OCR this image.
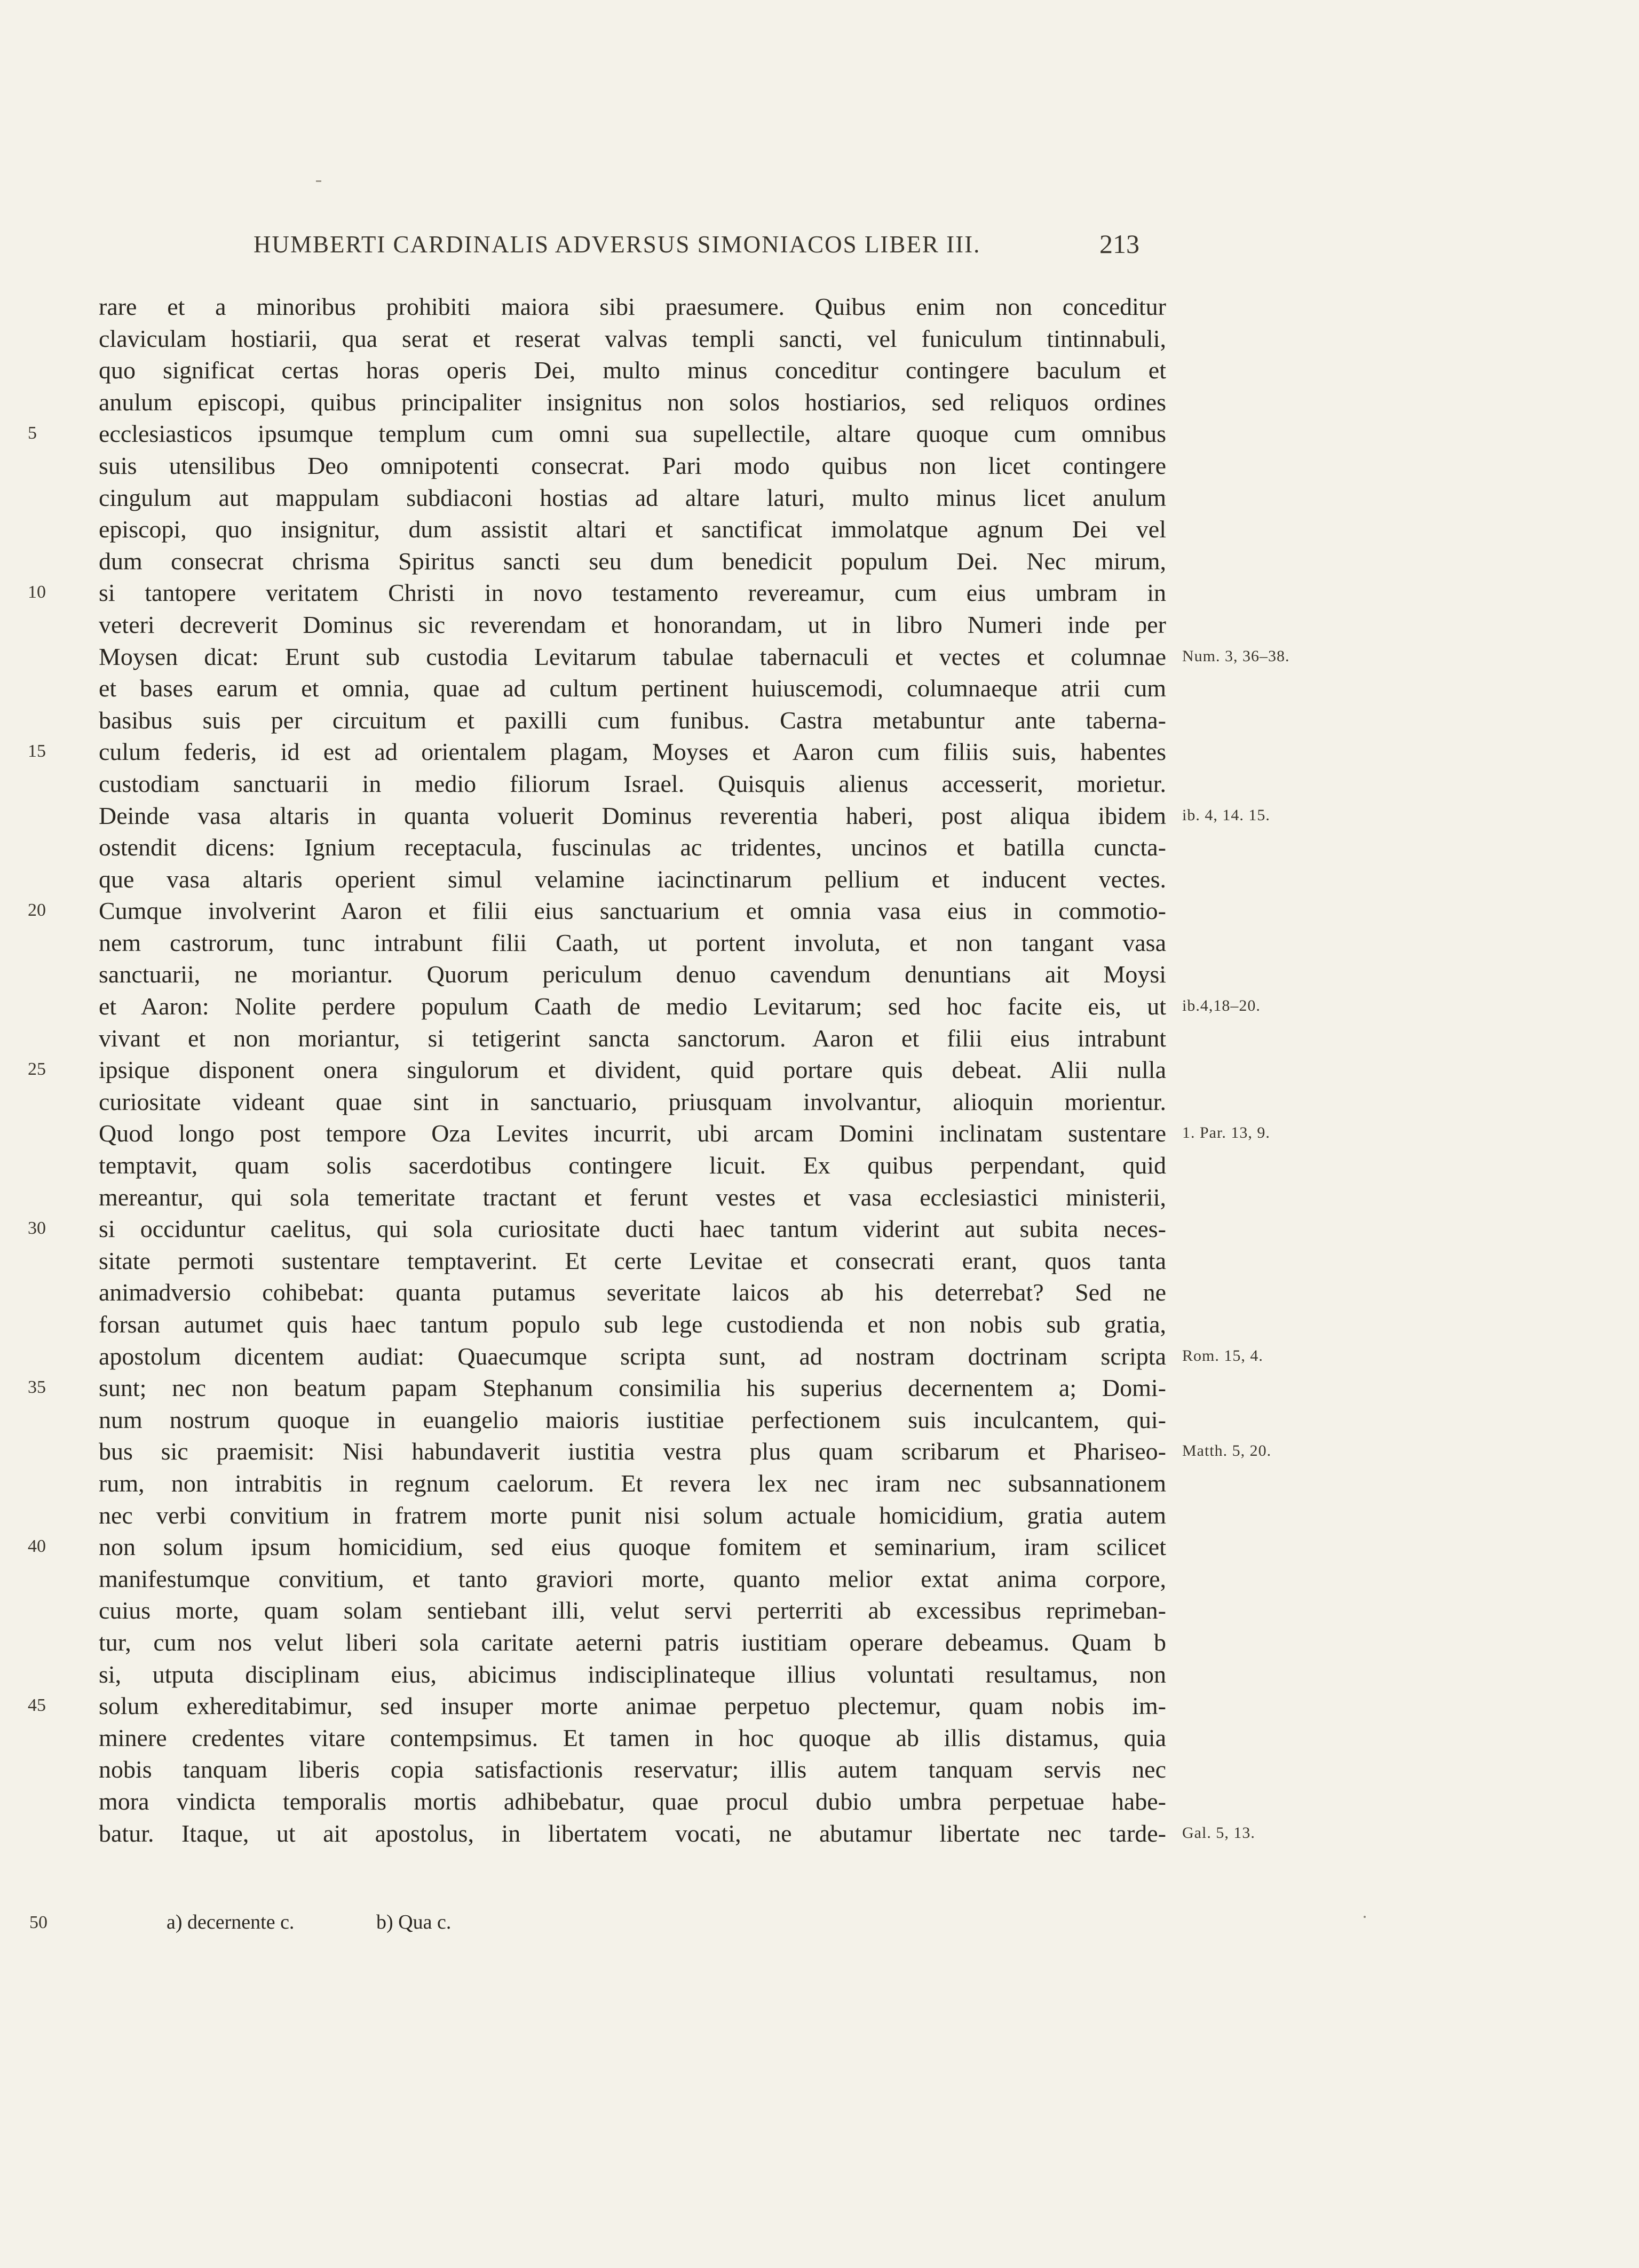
HUMBERTI CARDINALIS ADVERSUS SIMONIACOS LIBER III.	213
rare et a minoribus prohibiti maiora sibi praesumere. Quibus enim non conceditur
claviculam hostiarii, qua serat et reserat valvas templi sancti, vel funiculum tintinnabuli,
quo significat certas horas operis Dei, multo minus conceditur contingere baculum et
anulum episcopi, quibus principaliter insignitus non solos hostiarios, sed reliquos ordines
5	ecclesiasticos ipsumque templum cum omni sua supellectile, altare quoque cum omnibus
suis utensilibus Deo omnipotenti consecrat. Pari modo quibus non licet contingere
cingulum aut mappulam subdiaconi hostias ad altare laturi, multo minus licet anulum
episcopi, quo insignitur, dum assistit altari et sanctificat immolatque agnum Dei vel
dum consecrat chrisma Spiritus sancti seu dum benedicit populum Dei. Nec mirum,
10	si tantopere veritatem Christi in novo testamento revereamur, cum eius umbram in
veteri decreverit Dominus sic reverendam et honorandam, ut in libro Numeri inde per
Moysen dicat: Erunt sub custodia Levitarum tabulae tabernaculi et vectes et columnae Num. 3, 36–38.
et bases earum et omnia, quae ad cultum pertinent huiuscemodi, columnaeque atrii cum
basibus suis per circuitum et paxilli cum funibus. Castra metabuntur ante taberna-
15	culum federis, id est ad orientalem plagam, Moyses et Aaron cum filiis suis, habentes
custodiam sanctuarii in medio filiorum Israel. Quisquis alienus accesserit, morietur.
Deinde vasa altaris in quanta voluerit Dominus reverentia haberi, post aliqua ibidem ib. 4, 14. 15.
ostendit dicens: Ignium receptacula, fuscinulas ac tridentes, uncinos et batilla cuncta-
que vasa altaris operient simul velamine iacinctinarum pellium et inducent vectes.
20	Cumque involverint Aaron et filii eius sanctuarium et omnia vasa eius in commotio-
nem castrorum, tunc intrabunt filii Caath, ut portent involuta, et non tangant vasa
sanctuarii, ne moriantur. Quorum periculum denuo cavendum denuntians ait Moysi
et Aaron: Nolite perdere populum Caath de medio Levitarum; sed hoc facite eis, ut ib.4,18–20.
vivant et non moriantur, si tetigerint sancta sanctorum. Aaron et filii eius intrabunt
25	ipsique disponent onera singulorum et divident, quid portare quis debeat. Alii nulla
curiositate videant quae sint in sanctuario, priusquam involvantur, alioquin morientur.
Quod longo post tempore Oza Levites incurrit, ubi arcam Domini inclinatam sustentare 1. Par. 13, 9.
temptavit, quam solis sacerdotibus contingere licuit. Ex quibus perpendant, quid
mereantur, qui sola temeritate tractant et ferunt vestes et vasa ecclesiastici ministerii,
30	si occiduntur caelitus, qui sola curiositate ducti haec tantum viderint aut subita neces-
sitate permoti sustentare temptaverint. Et certe Levitae et consecrati erant, quos tanta
animadversio cohibebat: quanta putamus severitate laicos ab his deterrebat? Sed ne
forsan autumet quis haec tantum populo sub lege custodienda et non nobis sub gratia,
apostolum dicentem audiat: Quaecumque scripta sunt, ad nostram doctrinam scripta Rom. 15, 4.
35	sunt; nec non beatum papam Stephanum consimilia his superius decernentem a; Domi-
num nostrum quoque in euangelio maioris iustitiae perfectionem suis inculcantem, qui-
bus sic praemisit: Nisi habundaverit iustitia vestra plus quam scribarum et Phariseo- Matth. 5, 20.
rum, non intrabitis in regnum caelorum. Et revera lex nec iram nec subsannationem
nec verbi convitium in fratrem morte punit nisi solum actuale homicidium, gratia autem
40	non solum ipsum homicidium, sed eius quoque fomitem et seminarium, iram scilicet
manifestumque convitium, et tanto graviori morte, quanto melior extat anima corpore,
cuius morte, quam solam sentiebant illi, velut servi perterriti ab excessibus reprimeban-
tur, cum nos velut liberi sola caritate aeterni patris iustitiam operare debeamus. Quam b
si, utputa disciplinam eius, abicimus indisciplinateque illius voluntati resultamus, non
45	solum exhereditabimur, sed insuper morte animae perpetuo plectemur, quam nobis im-
minere credentes vitare contempsimus. Et tamen in hoc quoque ab illis distamus, quia
nobis tanquam liberis copia satisfactionis reservatur; illis autem tanquam servis nec
mora vindicta temporalis mortis adhibebatur, quae procul dubio umbra perpetuae habe-
batur. Itaque, ut ait apostolus, in libertatem vocati, ne abutamur libertate nec tarde- Gal. 5, 13.
50	a) decernente c.	b) Qua c.
